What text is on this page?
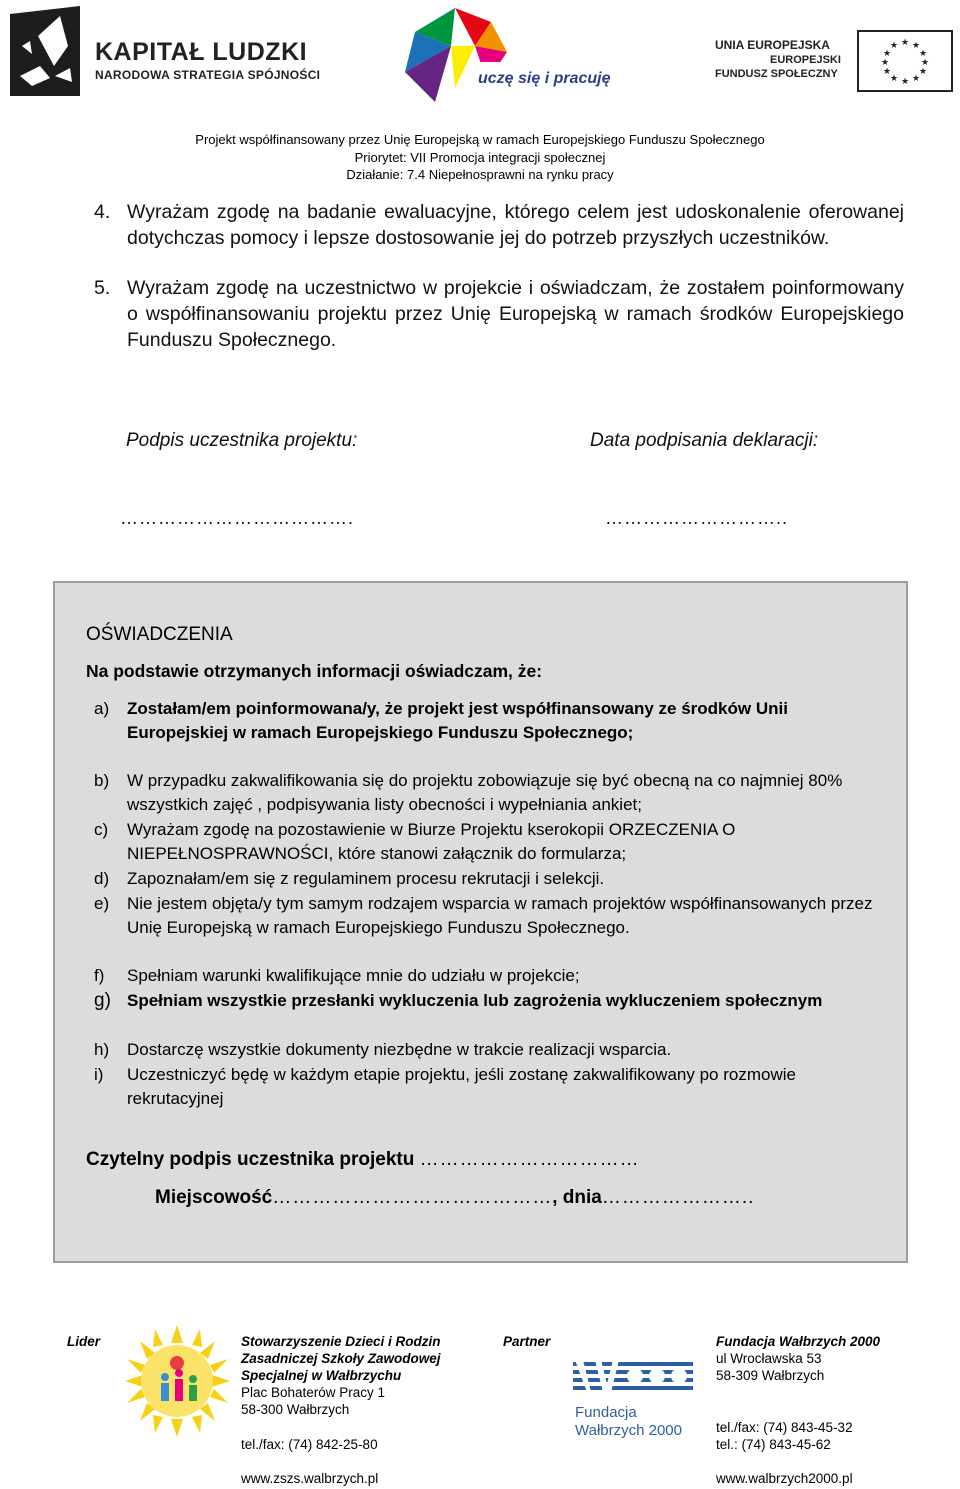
KAPITAŁ LUDZKI
NARODOWA STRATEGIA SPÓJNOŚCI	uczę się i pracuję
UNIA EUROPEJSKA
EUROPEJSKI
FUNDUSZ SPOŁECZNY
★ ★
★
★
★
★
★
★
★
★
★
★
Projekt współfinansowany przez Unię Europejską w ramach Europejskiego Funduszu Społecznego
Priorytet: VII Promocja integracji społecznej
Działanie: 7.4 Niepełnosprawni na rynku pracy
4. Wyrażam zgodę na badanie ewaluacyjne, którego celem jest udoskonalenie oferowanej dotychczas pomocy i lepsze dostosowanie jej do potrzeb przyszłych uczestników.
5. Wyrażam zgodę na uczestnictwo w projekcie i oświadczam, że zostałem poinformowany o współfinansowaniu projektu przez Unię Europejską w ramach środków Europejskiego Funduszu Społecznego.
Podpis uczestnika projektu:	Data podpisania deklaracji:
……………………………….	………………………..
OŚWIADCZENIA
Na podstawie otrzymanych informacji oświadczam, że:
a) Zostałam/em poinformowana/y, że projekt jest współfinansowany ze środków Unii Europejskiej w ramach Europejskiego Funduszu Społecznego;
b) W przypadku zakwalifikowania się do projektu zobowiązuje się być obecną na co najmniej 80% wszystkich zajęć , podpisywania listy obecności i wypełniania ankiet;
c) Wyrażam zgodę na pozostawienie w Biurze Projektu kserokopii ORZECZENIA O NIEPEŁNOSPRAWNOŚCI, które stanowi załącznik do formularza;
d) Zapoznałam/em się z regulaminem procesu rekrutacji i selekcji.
e) Nie jestem objęta/y tym samym rodzajem wsparcia w ramach projektów współfinansowanych przez Unię Europejską w ramach Europejskiego Funduszu Społecznego.
f) Spełniam warunki kwalifikujące mnie do udziału w projekcie;
g) Spełniam wszystkie przesłanki wykluczenia lub zagrożenia wykluczeniem społecznym
h) Dostarczę wszystkie dokumenty niezbędne w trakcie realizacji wsparcia.
i) Uczestniczyć będę w każdym etapie projektu, jeśli zostanę zakwalifikowany po rozmowie rekrutacyjnej
Czytelny podpis uczestnika projektu ……………………………
Miejscowość……………………………………, dnia…………………..
Lider	Stowarzyszenie Dzieci i Rodzin
Zasadniczej Szkoły Zawodowej
Specjalnej w Wałbrzychu
Plac Bohaterów Pracy 1
58-300 Wałbrzych
tel./fax: (74) 842-25-80
www.zszs.walbrzych.pl
Partner
Fundacja
Wałbrzych 2000
Fundacja Wałbrzych 2000
ul Wrocławska 53
58-309 Wałbrzych
tel./fax: (74) 843-45-32
tel.: (74) 843-45-62
www.walbrzych2000.pl
